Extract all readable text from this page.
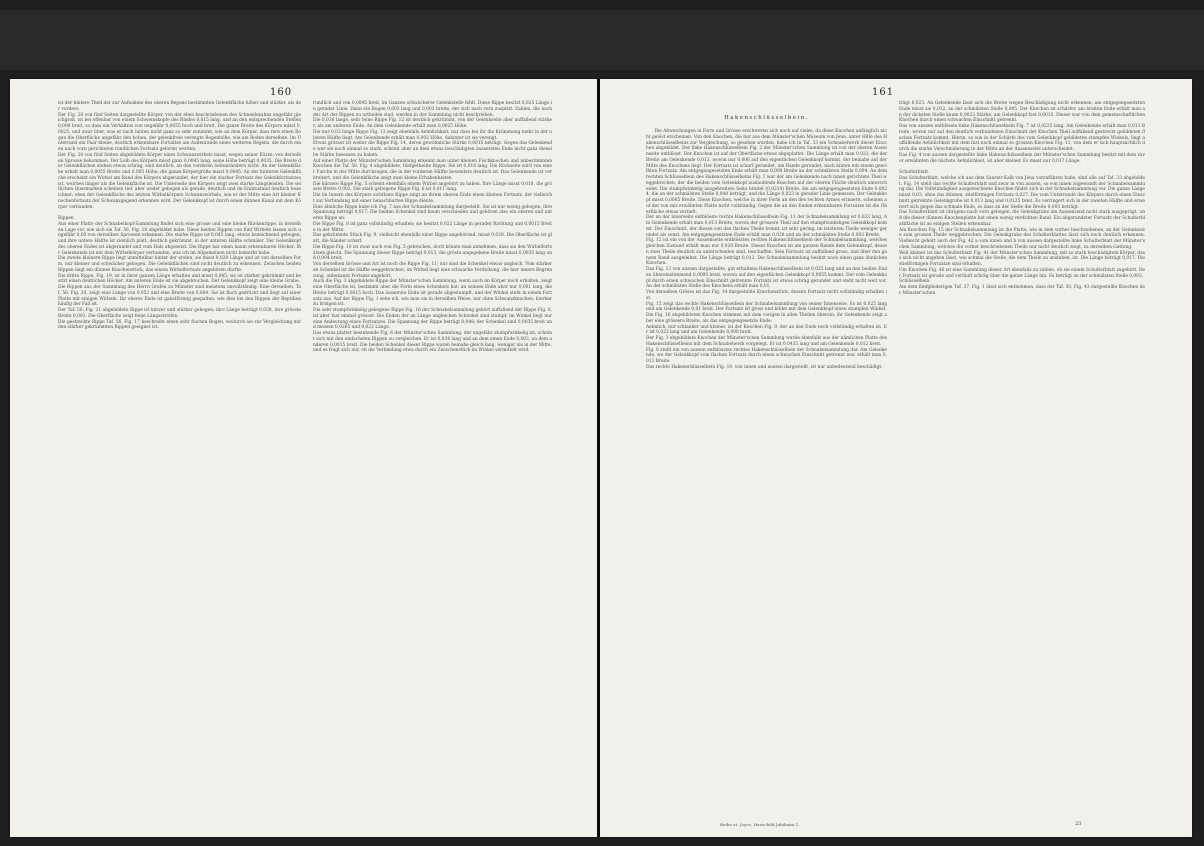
160
ist der hintere Theil der zur Aufnahme des oberen Begens bestimmten Gelenkfläche höher und stärker, als der vordere.
Der Fig. 28 von fünf Seiten dargestellte Körper, von der eben beschriebenen des Schneidezahns ungefähr gleichgroß, ist bei offenbar von einem Schweinskopfe des Rindes 0,015 lang, und an den entsprechenden Stellen 0,008 breit, so dass ein Verhältnis von ungefähr 0,0055 hoch und breit. Die ganze Breite des Körpers misst 0,0025, und zwar über, was er nach hinten nicht ganz so sehr zunimmt, wie an dem Körper, dass fern einen Bogen die Oberfläche ungefähr den hohen, der gelenkfreie verengte Bogenhöhe, wie am Boden derselben. Im Unterrand ein Paar kleine, deutlich erkennbare Fortsätze am Außenrande eines weiteren Begens, die durch einen nach vorn gerichteten rundlichen Fortsatz geformt werden.
Der Fig. 28 von fünf Seiten abgebildete Körper eines Schwanzwirbels misst, wegen seiner Kürze, von derselben Sprosse bekommen. Der Leib des Körpers misst ganz 0,0045 lang, seine Höhe beträgt 0,0035. Die Breite der Gelenkflächen stehen etwas schräg, sind deutlich, an den vorderen Seitenrändern nicht. An der Gelenkfläche erhält man 0,0055 Breite und 0,005 Höhe; die ganze Körpergröße misst 0,0045. An der hinteren Gelenkfläche erscheint ein Wirbel am Rand des Körpers abgerundet, der hier ein starker Fortsatz des Gelenkfortsatzes ist, welches länger als die Gelenkfläche ist. Die Unterseite des Körpers zeigt zwei starke Längsleisten. Die seitlichen Quermarken scheinen tief, aber weder gebogen als gerade, deutlich und im Endzustand deutlich bezeichnet; oben der Gelenkfläche des letzten Wirbelkörpers Schwanzwirbels, wie er der Mitte eine Art kleiner Knochenfortsatz der Schwanzgegend erkennen wird. Der Gelenkkopf ist durch einen dünnen Kanal mit dem Körper verbunden.

Rippen.
Aus einer Platte der Schnabelkopf-Sammlung findet sich eine grosse und eine kleine Rückenrippe, in derselben Lage vor, wie sich sie Taf. 56, Fig. 18 abgebildet habe. Diese beiden Rippen von fünf Wirbeln lassen sich ungefähr 0,05 von derselben Sprossen erkennen. Die starke Rippe ist 0,045 lang, etwas bezeichnend gebogen, und ihre untere Hälfte ist ziemlich platt, deutlich gekrümmt, in der unteren Hälfte schmäler. Der Gelenkkopf des oberen Endes ist abgerundet und vom Hals abgesetzt. Die Rippe hat einen kaum erkennbaren Höcker. Ihr Gelenkende ist mit dem Wirbelkörper verbunden, was ich im Allgemeinen nicht bemerkt habe.
Die zweite kleinere Rippe liegt unmittelbar hinter der ersten, sie misst 0,028 Länge und ist von derselben Form, nur kleiner und schwächer gebogen. Die Gelenkflächen sind nicht deutlich zu erkennen. Zwischen beiden Rippen liegt ein dünnes Knochenstück, das einem Wirbelfortsatz angehören dürfte.
Die dritte Rippe, Fig. 19, ist in ihrer ganzen Länge erhalten und misst 0,045; sie ist stärker gekrümmt und besitzt einen deutlichen Höcker. Am unteren Ende ist sie abgebrochen. Der Gelenkkopf zeigt eine kleine Grube.
Die Rippen aus der Sammlung des Herrn Grafen zu Münster sind meistens unvollständig. Eine derselben, Taf. 56, Fig. 20, zeigt eine Länge von 0,052 und eine Breite von 0,004. Sie ist flach gedrückt und liegt auf einer Platte mit einigen Wirbeln. Ihr oberes Ende ist gabelförmig gespalten, wie dies bei den Rippen der Reptilien häufig der Fall ist.
Der Taf. 56, Fig. 21 abgebildete Rippe ist kürzer und stärker gebogen; ihre Länge beträgt 0,038, ihre grösste Breite 0,003. Die Oberfläche zeigt feine Längsstreifen.
Die gestreckte Rippe Taf. 56, Fig. 17 beschreibt einen sehr flachen Bogen, wodurch sie zur Vergleichung mit den stärker gekrümmten Rippen geeignet ist.
rundlich und von 0,0045 breit, im Ganzen schwächerer Gelenkstelle fehlt. Diese Rippe besitzt 0,025 Länge in gerader Linie. Dann ein Bogen 0,003 lang und 0,002 breite, der sich nach vorn zuspitzt. Zahlen, die nach der Art der Rippen zu urtheilen sind, werden in der Sammlung nicht beschrieben.
Die 0,036 lange, sehr feine Rippe Fig. 12 ist deutlich gekrümmt, von der Gelenkseite aber auffallend stärker, als am anderen Ende. An dem Gelenkende erhält man 0,0025 Höhe.
Die nur 0,02 lange Rippe Fig. 13 zeigt ebenfalls Aehnlichkeit, nur dass bei ihr die Krümmung mehr in der oberen Hälfte liegt. Am Gelenkende erhält man 0,002 Höhe, dahinter ist sie verengt.
Etwas grösser ist weiter die Rippe Fig. 14, deren gewöhnliche Stärke 0,0015 beträgt. Gegen das Gelenkende war sie noch einmal so stark, scheint aber an dem etwas beschädigten äussersten Ende nicht ganz dieselbe Stärke besessen zu haben.
Auf einer Platte der Münster'schen Sammlung erkennt man unter kleinen Fischknochen und unbestimmten Knochen die Taf. 56, Fig. 4 abgebildete, fünfgetheilte Rippe. Sie ist 0,018 lang. Die Rückseite wird von einer Furche in der Mitte durchzogen, die in der vorderen Hälfte besonders deutlich ist. Das Gelenkende ist verbreitert, und die Gelenkfläche zeigt zwei kleine Erhabenheiten.
Die kürzere Rippe Fig. 5 scheint ebenfalls einem Wirbel angehört zu haben. Ihre Länge misst 0,018, die grösste Breite 0,002. Die stark gebogene Rippe Fig. 6 ist 0,011 lang.
Die im Innern des Körpers sichtbare Rippe zeigt an ihrem oberen Ende einen kleinen Fortsatz, der vielleicht zur Verbindung mit einer benachbarten Rippe diente.
Eine ähnliche Rippe habe ich Fig. 7 aus der Schnabelsammlung dargestellt. Sie ist nur wenig gebogen, ihre Spannung beträgt 0,017. Die beiden Schenkel sind kaum verschieden und gehören also ein oberen und unteren Rippe an.
Die Rippe Fig. 8 ist ganz vollständig erhalten; sie besitzt 0,022 Länge in gerader Richtung und 0,0015 Breite in der Mitte.
Das gekrümmte Stück Fig. 9, vielleicht ebenfalls einer Rippe angehörend, misst 0,028. Die Oberfläche ist glatt, die Ränder scharf.
Die Rippe Fig. 10 ist zwar auch von Fig. 5 gebrochen, doch könnte man annehmen, dass sie den Wirbelfortsätzen gleicht. Die Spannung dieser Rippe beträgt 0,013, die gröste angegebene Breite misst 0,0035 lang und 0,004 breit.
Von derselben Grösse und Art ist noch die Rippe Fig. 11; nur sind die Schenkel etwas ungleich. Vom stärkeren Schenkel ist die Hälfte weggebrochen; im Wirbel liegt eine schwache Verdickung, die hier innere Begrenzung, unbekannt Fortsatz angehört.
Auch die Fig. 3 abgebildete Rippe der Münster'schen Sammlung, wenn auch im Körper noch erhalten, zeigt eine Oberfläche ist, bestimmt aber die Form eines Schenkels hat: an seinem Ende aber nur 0,001 lang, die Breite beträgt 0,0015 hoch. Das äusserste Ende ist gerade abgestumpft, und der Winkel steht in einem Fortsatz aus. Auf der Rippe Fig. 1 sehe ich, wie man sie in derselben Weise, nur ohne Schwanzknochen, hierher zu bringen ist.
Die sehr stumpfwinkelig gebogene Rippe Fig. 16 der Schnabelsammlung gehört auffallend der Rippe Fig. 8, ist aber fast einmal grösser. Die Enden der an Länge ungleichen Schenkel sind stumpf; im Winkel liegt nur eine Andeutung eines Fortsatzes. Die Spannung der Rippe beträgt 0,048; der Schenkel sind 0,0035 breit und messen 0,0265 und 0,022 Länge.
Das etwas platter bestehende Fig. 6 der Münster'schen Sammlung, der ungefähr stumpfwinkelig ist, scheint sich mit den einfachsten Rippen zu vergleichen. Er ist 0,034 lang und an dem einen Ende 0,003, an dem anderen 0,0015 breit. Die beiden Schenkel dieser Rippe waren beinahe gleich lang, weniger als in der Mitte, und es fragt sich nur, ob die Verbindung etwa durch ein Zwischenstück im Winkel vermittelt wird.
161

Hakenschlüsselbein.

Die Abweichungen in Form und Grösse erschweren sich noch auf vieles, da diese Knochen anfänglich nicht gelöst erscheinen. Von den Knochen, die mir aus dem Münster'schen Museum von Jena, unter Hilfe des Hakenschlüsselbeins zur Vergleichung, so gesehen wurden, habe ich in Taf. 33 ein Schnabelwerk dieser Knochen abgebildet. Der linke Hakenschlüsselbein Fig. 2 der Münster'schen Sammlung ist von der oberen Aussenseite entblösst. Der Knochen ist auf der Oberfläche etwas abgeplattet. Die Länge erhält man 0,023, die der Breite am Gelenkende 0,013, wovon nur 0,006 auf den eigentlichen Gelenkkopf kommt, der beinahe auf der Mitte des Knochens liegt. Der Fortsatz ist scharf gerandet, am Rande gerundet, nach hinten mit einem gewölbten Fortsatz. Am entgegengesetzten Ende erhält man 0,008 Breite an der schmälsten Stelle 0,004. An dem rechten Schlüsselbein des Hakenschlüsselbeins Fig. 1 war der am Gelenkende nach innen gerichtete Theil weggebrochen, der die beiden vom Gelenkkopf auslaufende Knochen auf der oberen Fläche deutlich unterscheidet. Die stumpfwinkelig ausgebreitete Seite breitet (0,0214) Breite, die am entgegengesetzten Ende 0,0024, die an der schmälsten Stelle 0,008 beträgt, und die Länge 0,023 in gerader Linie gemessen. Der Gelenkkopf misst 0,0065 Breite. Diese Knochen, welche in ihrer Form an den des rechten Armes erinnern, scheinen auf der von mir erwähnten Platte nicht vollständig. Gegen die an den Enden erkennbaren Fortsätze ist die Oberfläche etwas vertieft.
Der an der innerseite entblösste rechte Hakenschlüsselbein Fig. 11 der Schnabelsammlung ist 0,023 lang. Am Gelenkende erhält man 0,013 Breite, wovon der grössere Theil auf den stumpfwinkeligen Gelenkkopf kommt. Der Einschnitt, der diesen von den flachen Theile trennt, ist sehr gering, im letzteren Theile weniger gerundet als sonst. Am entgegengesetzten Ende erhält man 0,028 und an der schmälsten Stelle 0,003 Breite.
Fig. 12 ist ein von der Aussenseite entblösstes rechtes Hakenschlüsselbein der Schnabelsammlung, welches gleichen Zustand erhält man nur 0,020 Breite. Dieser Knochen ist am ganzen Rande dem Gelenkkopf, dessen zwei Theile deutlich zu unterscheiden sind, beschaffen. Sein Fortsatz ist auffallend gross, und über den ganzen Rand ausgedehnt. Die Länge beträgt 0,012. Die Schnabelsammlung besitzt noch einen ganz ähnlichen Knochen.
Das Fig. 13 von aussen dargestellte, gut erhaltene Hakenschlüsselbein ist 0,025 lang und an den beiden Enden übereinstimmend 0,0095 breit, wovon auf den eigentlichen Gelenkkopf 0,0055 kommt. Der vom Gelenkkopf durch einen schwachen Einschnitt getrennte Fortsatz ist etwas schräg gerundet und steht nicht weit vor. An der schmälsten Stelle des Knochens erhält man 0,01.
Von derselben Grösse ist das Fig. 14 dargestellte Knochenstück, dessen Fortsatz nicht vollständig erhalten ist.
Fig. 15 zeigt das rechte Hakenschlüsselbein der Schnabelsammlung von seiner Innenseite. Es ist 0,025 lang und am Gelenkende 0,01 breit. Der Fortsatz ist gross und bildet mit dem Gelenkkopf einen stumpfen Winkel.
Die Fig. 16 abgebildeten Knochen stimmen mit dem vorigen in allen Theilen überein; ihr Gelenkende zeigt aber eine grössere Breite, als das entgegengesetzte Ende.
Aehnlich, nur schlanker und kleiner, ist der Knochen Fig. 9, der an den Ende noch vollständig erhalten ist. Er ist 0,023 lang und am Gelenkende 0,008 breit.
Der Fig. 3 abgebildete Knochen der Münster'schen Sammlung wurde ebenfalls aus der nämlichen Platte des Hakenschlüsselbeins mit dem Schnabelwerk vorgelegt. Er ist 0,0435 lang und am Gelenkende 0,012 breit.
Fig. 8 stellt ein von aussen entblösstes rechtes Hakenschlüsselbein der Schnabelsammlung dar. Am Gelenkende, wo der Gelenkkopf vom flachen Fortsatz durch einen schwachen Einschnitt getrennt war, erhält man 0,013 Breite.
Das rechte Hakenschlüsselbein Fig. 10, von innen und aussen dargestellt, ist nur unbedeutend beschädigt.

trägt 0,023. An Gelenkende lässt sich die Breite wegen Beschädigung nicht erkennen, am entgegengesetzten Ende misst sie 0,012, an der schmälsten Stelle 0,005. Der Knochen ist schärfer, am breiten Ende erhält man an der dicksten Stelle kaum 0,0023 Stärke, am Gelenkkopf fast 0,0015. Dieser war von dem gemeinschaftlichen Knochen durch einen schwachen Einschnitt getrennt.
Das von aussen entblösste linke Hakenschlüsselbein Fig. 7 ist 0,0225 lang. Am Gelenkende erhält man 0,013 Breite, wovon nur auf den deutlich verbundenen Einschnitt der Knochen Theil auffallend gestreckt gebildeten flachen Fortsatz kommt. Hierin, so wie in der Schärfe des vom Gelenkkopf gebildeten stumpfen Winkels, liegt auffallende Aehnlichkeit mit dem fast noch einmal so grossen Knochen Fig. 11, von dem er sich hauptsächlich durch die starke Verschmälerung in der Mitte an der Aussenseite unterscheidet.
Das Fig. 4 von aussen dargestellte linke Hakenschlüsselbein der Münster'schen Sammlung besitzt mit dem zuvor erwähnten die nächste Aehnlichkeit, ist aber kleiner. Es misst nur 0,017 Länge.

Schulterblatt.
Das Schulterblatt, welche ich aus dem Saurier-Kalk von Jena vorzuführen habe, sind alle auf Taf. 33 abgebildet. Fig. 14 stellt das rechte Schulterblatt und zwar in von aussen, so von innen zugewandt der Schnabelsammlung dar. Die Vollständigkeit ausgezeichnete Knochen findet sich in der Schnabelsammlung vor. Die ganze Länge misst 0,03, ohne das dünnen, stielförmigen Fortsatz 0,027. Die vom Unterrande des Körpers durch einen Einschnitt getrennte Gelenkgrube ist 0,013 lang und 0,0125 breit. Es verringert sich in der zweiten Hälfte und erweitert sich gegen das schmale Ende, so dass an der Stelle die Breite 0,003 beträgt.
Das Schulterblatt ist übrigens nach vorn gebogen, die Gelenkgrube am Aussenrand nicht stark ausgeprägt, und die dieser dünnen Knochenplatte hat einen wenig verdickten Rand. Ein abgerundeter Fortsatz der Schulterblattfläche ist an einigen Stellen erkennbar.
Am Knochen Fig. 15 der Schnabelsammlung ist die Platte, wie in dem vorher beschriebenen, an der Gelenkseite zum grossen Theile weggebrochen. Die Gelenkgrube des Schulterblattes lässt sich noch deutlich erkennen. Vielleicht gehört auch der Fig. 42 a vom innen und b von aussen dargestellte linke Schulterblatt der Münster'schen Sammlung, welches die vorher beschriebenen Theile nur nicht deutlich zeigt, zu derselben Gattung.
Weit kleiner ist das Schulterblatt Fig. 41 der Münster'schen Sammlung, mit so stark beschädigtem Körper, dass sich nicht angeben lässt, wie schmal die Stelle, die dem Theile zu anstehen, ist. Die Länge beträgt 0,017. Die stielförmigen Fortsätze sind erhalten.
Um Knochen Fig. 46 ist eine Sammlung dieser Art ebenfalls zu zählen, ob sie einem Schulterblatt zugehört. Der Fortsatz ist gerade und verläuft schräg über die ganze Länge hin. Es beträgt an der schmälsten Stelle 0,003.
Schlüsselbein.
Am dem fünfgliederigen Taf. 37, Fig. 1 lässt sich entnehmen, dass der Taf. 30, Fig. 43 dargestellte Knochen der Münster'schen
Reihe et. Joyce, Hauschild Jubilaum 1.	23
